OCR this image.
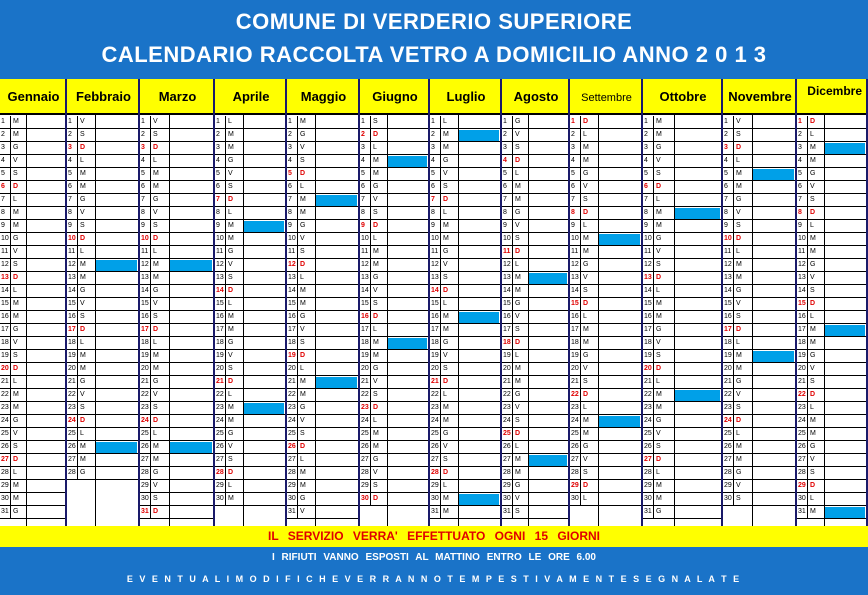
COMUNE DI VERDERIO SUPERIORE
CALENDARIO RACCOLTA VETRO A DOMICILIO ANNO 2 0 1 3
Gennaio
1	M
2	M
3	G
4	V
5	S
6	D
7	L
8	M
9	M
10 G
11 V
12 S
13 D
14 L
15 M
16 M
17 G
18 V
19 S
20 D
21 L
22 M
23 M
24 G
25 V
26 S
27 D
28 L
29 M
30 M
31 G
Febbraio
1	V
2	S
3	D
4	L
5	M
6	M
7	G
8	V
9	S
10 D
11 L
12 M
13 M
14 G
15 V
16 S
17 D
18 L
19 M
20 M
21 G
22 V
23 S
24 D
25 L
26 M
27 M
28 G
Marzo
1	V
2	S
3	D
4	L
5	M
6	M
7	G
8	V
9	S
10 D
11 L
12 M
13 M
14 G
15 V
16 S
17 D
18 L
19 M
20 M
21 G
22 V
23 S
24 D
25 L
26 M
27 M
28 G
29 V
30 S
31 D
Aprile
1	L
2	M
3	M
4	G
5	V
6	S
7	D
8	L
9	M
10 M
11 G
12 V
13 S
14 D
15 L
16 M
17 M
18 G
19 V
20 S
21 D
22 L
23 M
24 M
25 G
26 V
27 S
28 D
29 L
30 M
Maggio
1	M
2	G
3	V
4	S
5	D
6	L
7	M
8	M
9	G
10 V
11 S
12 D
13 L
14 M
15 M
16 G
17 V
18 S
19 D
20 L
21 M
22 M
23 G
24 V
25 S
26 D
27 L
28 M
29 M
30 G
31 V
Giugno
1	S
2	D
3	L
4	M
5	M
6	G
7	V
8	S
9	D
10 L
11 M
12 M
13 G
14 V
15 S
16 D
17 L
18 M
19 M
20 G
21 V
22 S
23 D
24 L
25 M
26 M
27 G
28 V
29 S
30 D
Luglio
1	L
2	M
3	M
4	G
5	V
6	S
7	D
8	L
9	M
10 M
11 G
12 V
13 S
14 D
15 L
16 M
17 M
18 G
19 V
20 S
21 D
22 L
23 M
24 M
25 G
26 V
27 S
28 D
29 L
30 M
31 M
Agosto
1	G
2	V
3	S
4	D
5	L
6	M
7	M
8	G
9	V
10 S
11 D
12 L
13 M
14 M
15 G
16 V
17 S
18 D
19 L
20 M
21 M
22 G
23 V
24 S
25 D
26 L
27 M
28 M
29 G
30 V
31 S
Settembre
1	D
2	L
3	M
4	M
5	G
6	V
7	S
8	D
9	L
10 M
11 M
12 G
13 V
14 S
15 D
16 L
17 M
18 M
19 G
20 V
21 S
22 D
23 L
24 M
25 M
26 G
27 V
28 S
29 D
30 L
Ottobre
1	M
2	M
3	G
4	V
5	S
6	D
7	L
8	M
9	M
10 G
11 V
12 S
13 D
14 L
15 M
16 M
17 G
18 V
19 S
20 D
21 L
22 M
23 M
24 G
25 V
26 S
27 D
28 L
29 M
30 M
31 G
Novembre
1	V
2	S
3	D
4	L
5	M
6	M
7	G
8	V
9	S
10 D
11 L
12 M
13 M
14 G
15 V
16 S
17 D
18 L
19 M
20 M
21 G
22 V
23 S
24 D
25 L
26 M
27 M
28 G
29 V
30 S
Dicembre
1	D
2	L
3	M
4	M
5	G
6	V
7	S
8	D
9	L
10 M
11 M
12 G
13 V
14 S
15 D
16 L
17 M
18 M
19 G
20 V
21 S
22 D
23 L
24 M
25 M
26 G
27 V
28 S
29 D
30 L
31 M
IL SERVIZIO VERRA' EFFETTUATO OGNI 15 GIORNI
I RIFIUTI VANNO ESPOSTI AL MATTINO ENTRO LE ORE 6.00
E V E N T U A L I M O D I F I C H E V E R R A N N O T E M P E S T I V A M E N T E S E G N A L A T E
